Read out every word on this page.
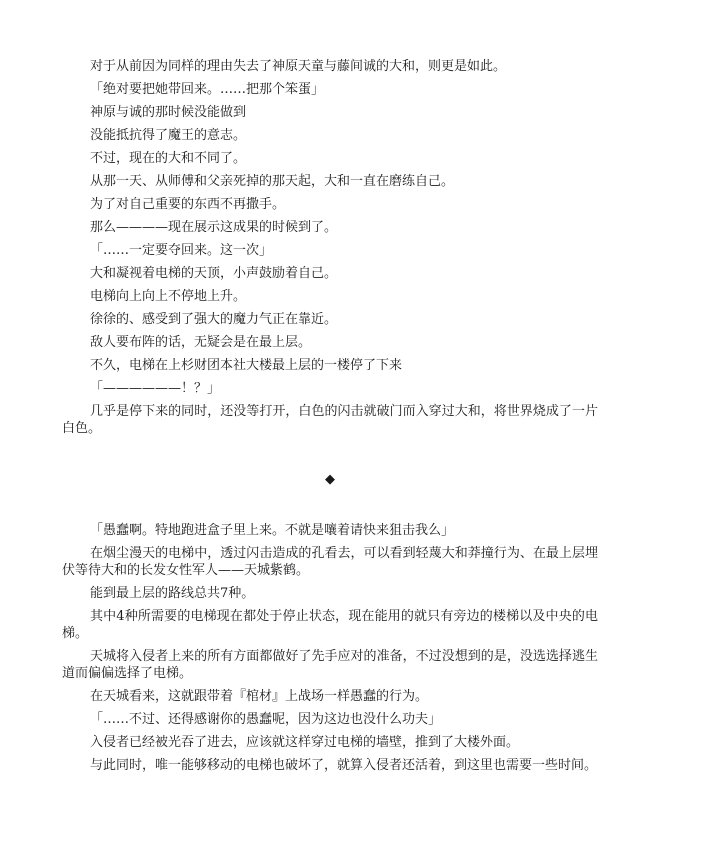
对于从前因为同样的理由失去了神原天童与藤间诚的大和，则更是如此。

「绝对要把她带回来。……把那个笨蛋」

神原与诚的那时候没能做到

没能抵抗得了魔王的意志。

不过，现在的大和不同了。

从那一天、从师傅和父亲死掉的那天起，大和一直在磨练自己。

为了对自己重要的东西不再撒手。

那么————现在展示这成果的时候到了。

「……一定要夺回来。这一次」

大和凝视着电梯的天顶，小声鼓励着自己。

电梯向上向上不停地上升。

徐徐的、感受到了强大的魔力气正在靠近。

敌人要布阵的话，无疑会是在最上层。

不久，电梯在上杉财团本社大楼最上层的一楼停了下来

「——————！？」

几乎是停下来的同时，还没等打开，白色的闪击就破门而入穿过大和，将世界烧成了一片白色。

◆

「愚蠢啊。特地跑进盒子里上来。不就是嚷着请快来狙击我么」

在烟尘漫天的电梯中，透过闪击造成的孔看去，可以看到轻蔑大和莽撞行为、在最上层埋伏等待大和的长发女性军人——天城紫鹤。

能到最上层的路线总共7种。

其中4种所需要的电梯现在都处于停止状态，现在能用的就只有旁边的楼梯以及中央的电梯。

天城将入侵者上来的所有方面都做好了先手应对的准备，不过没想到的是，没选选择逃生道而偏偏选择了电梯。

在天城看来，这就跟带着『棺材』上战场一样愚蠢的行为。

「……不过、还得感谢你的愚蠢呢，因为这边也没什么功夫」

入侵者已经被光吞了进去，应该就这样穿过电梯的墙壁，推到了大楼外面。

与此同时，唯一能够移动的电梯也破坏了，就算入侵者还活着，到这里也需要一些时间。
